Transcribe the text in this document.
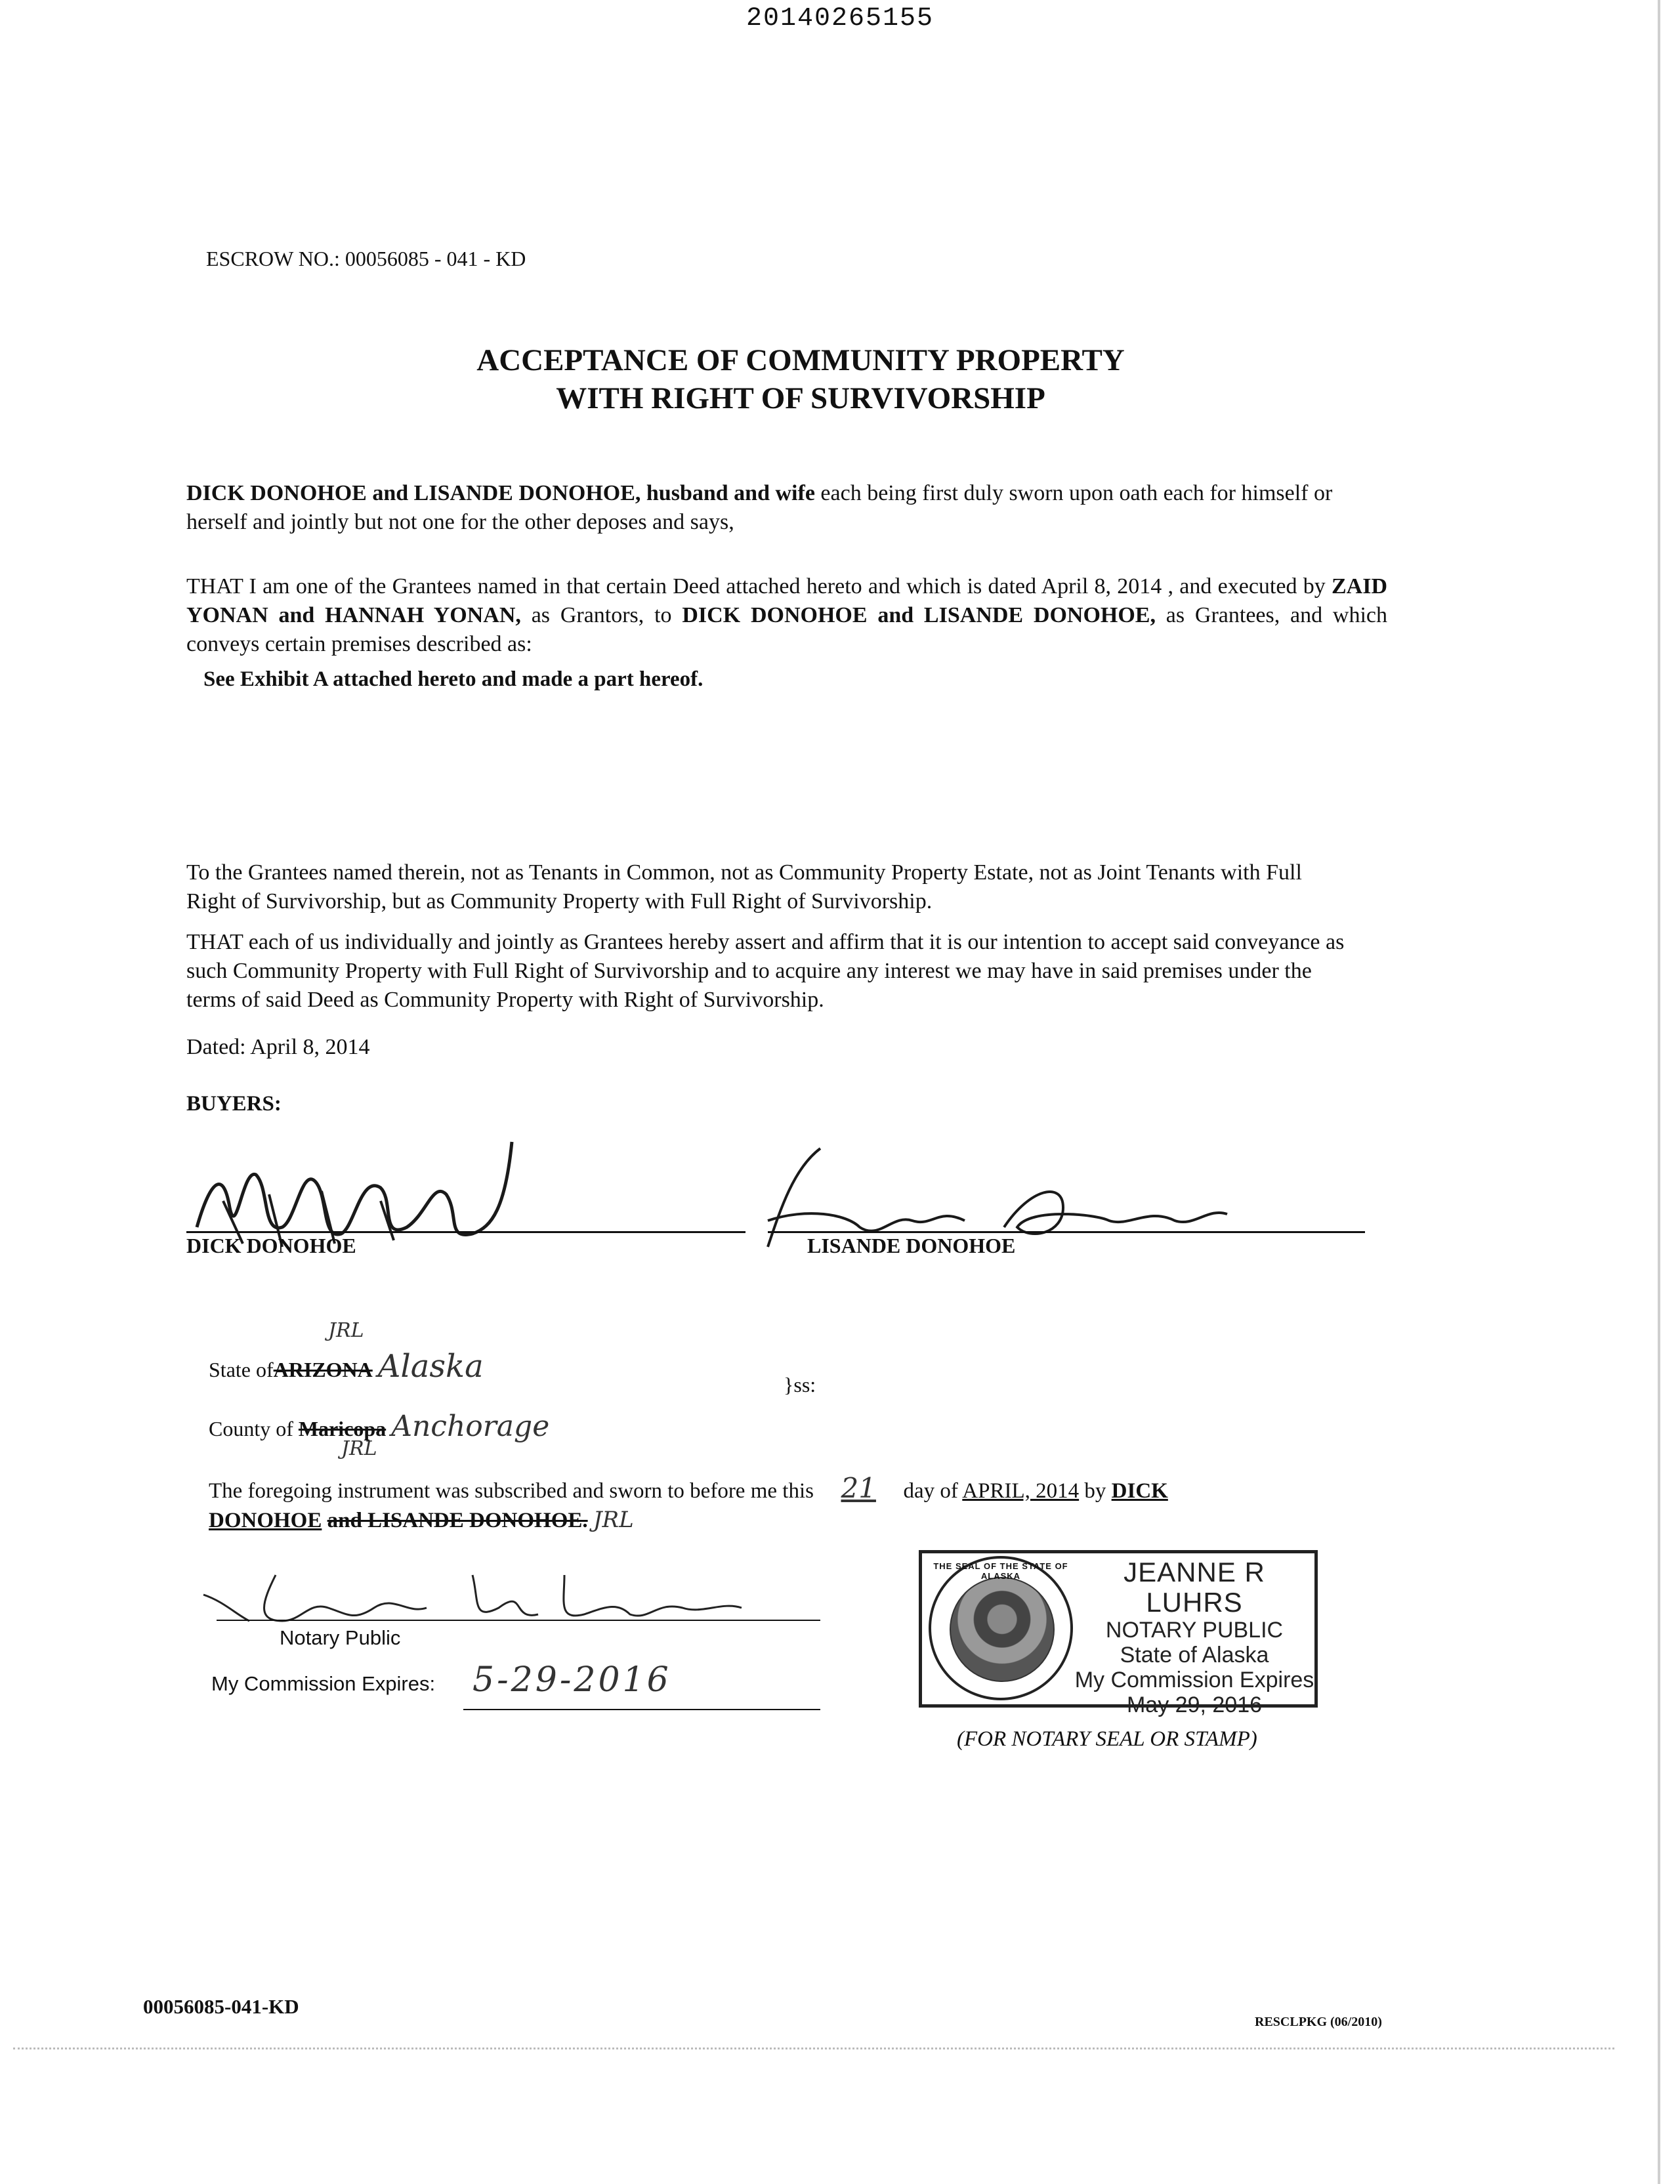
20140265155
ESCROW NO.: 00056085 - 041 - KD
ACCEPTANCE OF COMMUNITY PROPERTY
WITH RIGHT OF SURVIVORSHIP
DICK DONOHOE and LISANDE DONOHOE, husband and wife each being first duly sworn upon oath each for himself or herself and jointly but not one for the other deposes and says,
THAT I am one of the Grantees named in that certain Deed attached hereto and which is dated April 8, 2014 , and executed by ZAID YONAN and HANNAH YONAN, as Grantors, to DICK DONOHOE and LISANDE DONOHOE, as Grantees, and which conveys certain premises described as:
See Exhibit A attached hereto and made a part hereof.
To the Grantees named therein, not as Tenants in Common, not as Community Property Estate, not as Joint Tenants with Full Right of Survivorship, but as Community Property with Full Right of Survivorship.
THAT each of us individually and jointly as Grantees hereby assert and affirm that it is our intention to accept said conveyance as such Community Property with Full Right of Survivorship and to acquire any interest we may have in said premises under the terms of said Deed as Community Property with Right of Survivorship.
Dated: April 8, 2014
BUYERS:
DICK DONOHOE	LISANDE DONOHOE
State ofARIZONA Alaska
JRL
}ss:
County of Maricopa Anchorage
JRL
The foregoing instrument was subscribed and sworn to before me this 21 day of APRIL, 2014 by DICK
DONOHOE and LISANDE DONOHOE. JRL
Notary Public
My Commission Expires: 5-29-2016
THE SEAL OF THE STATE OF ALASKA	JEANNE R LUHRS
NOTARY PUBLIC
State of Alaska
My Commission Expires
May 29, 2016
(FOR NOTARY SEAL OR STAMP)
00056085-041-KD
RESCLPKG (06/2010)
